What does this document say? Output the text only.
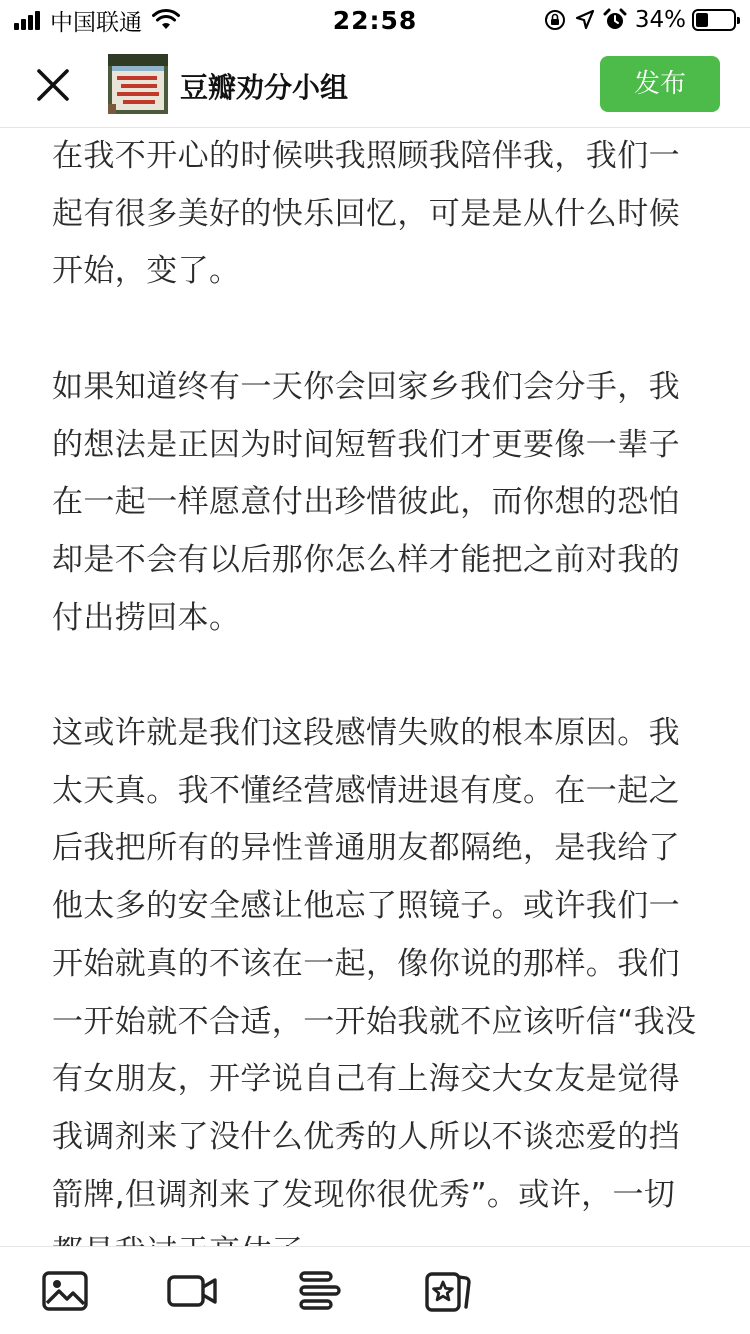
中国联通	22:58	34%
豆瓣劝分小组	发布

在我不开心的时候哄我照顾我陪伴我，我们一起有很多美好的快乐回忆，可是是从什么时候开始，变了。

如果知道终有一天你会回家乡我们会分手，我的想法是正因为时间短暂我们才更要像一辈子在一起一样愿意付出珍惜彼此，而你想的恐怕却是不会有以后那你怎么样才能把之前对我的付出捞回本。

这或许就是我们这段感情失败的根本原因。我太天真。我不懂经营感情进退有度。在一起之后我把所有的异性普通朋友都隔绝，是我给了他太多的安全感让他忘了照镜子。或许我们一开始就真的不该在一起，像你说的那样。我们一开始就不合适，一开始我就不应该听信“我没有女朋友，开学说自己有上海交大女友是觉得我调剂来了没什么优秀的人所以不谈恋爱的挡箭牌,但调剂来了发现你很优秀”。或许，一切
